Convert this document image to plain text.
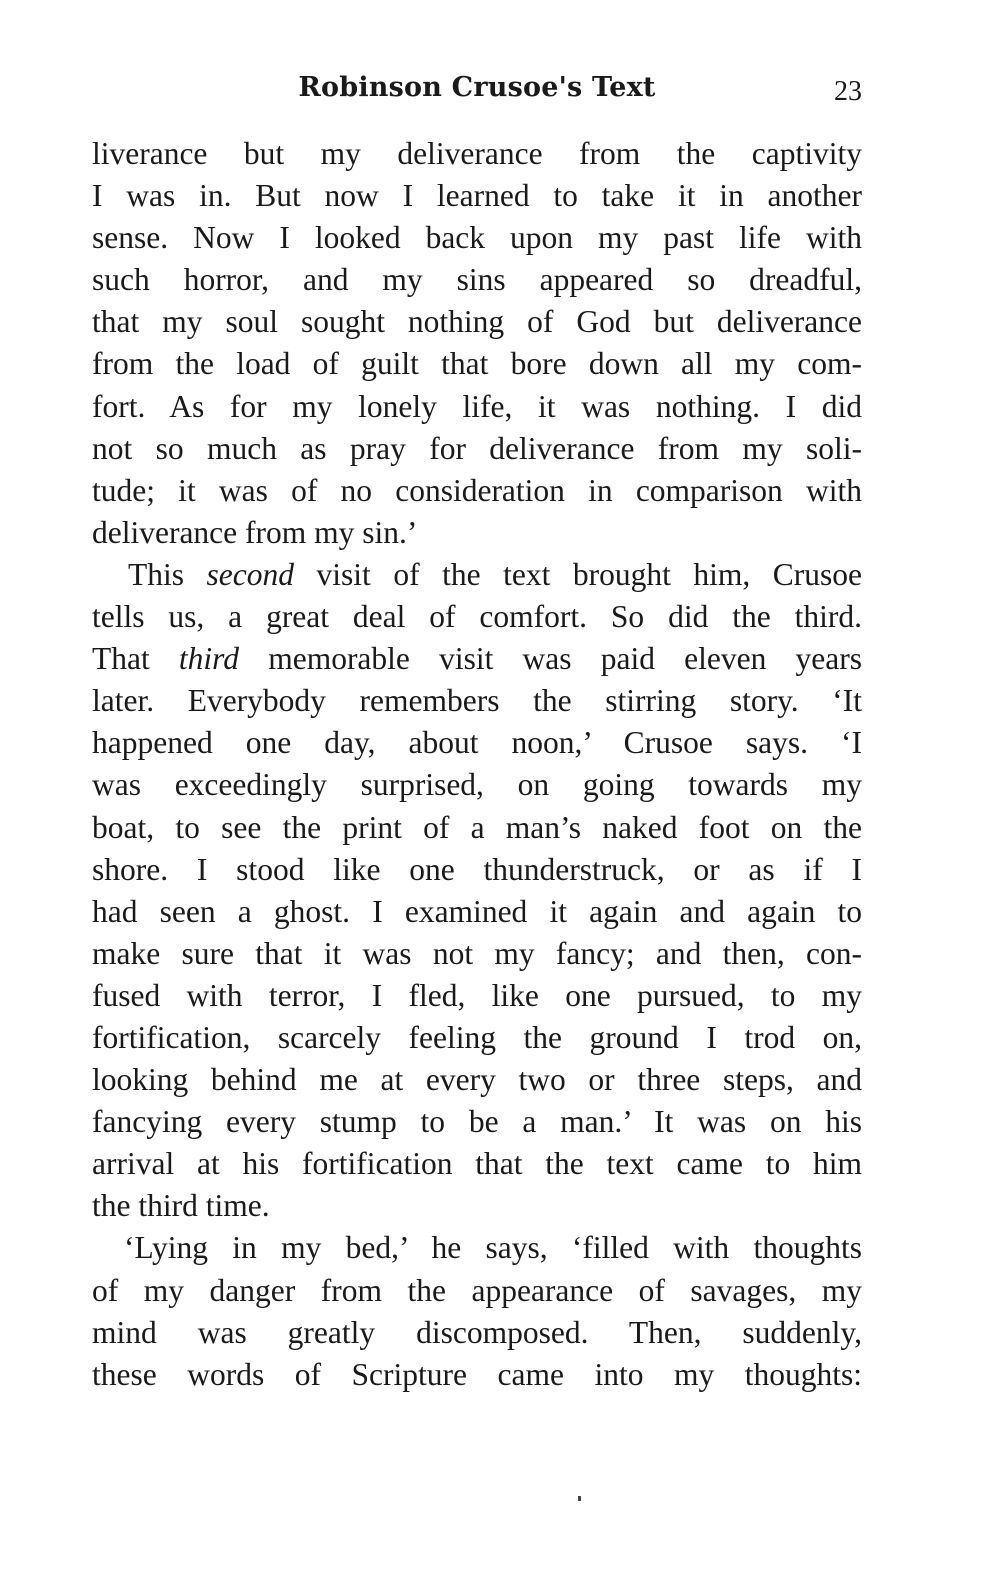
Robinson Crusoe's Text	23
liverance but my deliverance from the captivity
I was in. But now I learned to take it in another
sense. Now I looked back upon my past life with
such horror, and my sins appeared so dreadful,
that my soul sought nothing of God but deliverance
from the load of guilt that bore down all my com-
fort. As for my lonely life, it was nothing. I did
not so much as pray for deliverance from my soli-
tude; it was of no consideration in comparison with
deliverance from my sin.’
This second visit of the text brought him, Crusoe
tells us, a great deal of comfort. So did the third.
That third memorable visit was paid eleven years
later. Everybody remembers the stirring story. ‘It
happened one day, about noon,’ Crusoe says. ‘I
was exceedingly surprised, on going towards my
boat, to see the print of a man’s naked foot on the
shore. I stood like one thunderstruck, or as if I
had seen a ghost. I examined it again and again to
make sure that it was not my fancy; and then, con-
fused with terror, I fled, like one pursued, to my
fortification, scarcely feeling the ground I trod on,
looking behind me at every two or three steps, and
fancying every stump to be a man.’ It was on his
arrival at his fortification that the text came to him
the third time.
‘Lying in my bed,’ he says, ‘filled with thoughts
of my danger from the appearance of savages, my
mind was greatly discomposed. Then, suddenly,
these words of Scripture came into my thoughts:
